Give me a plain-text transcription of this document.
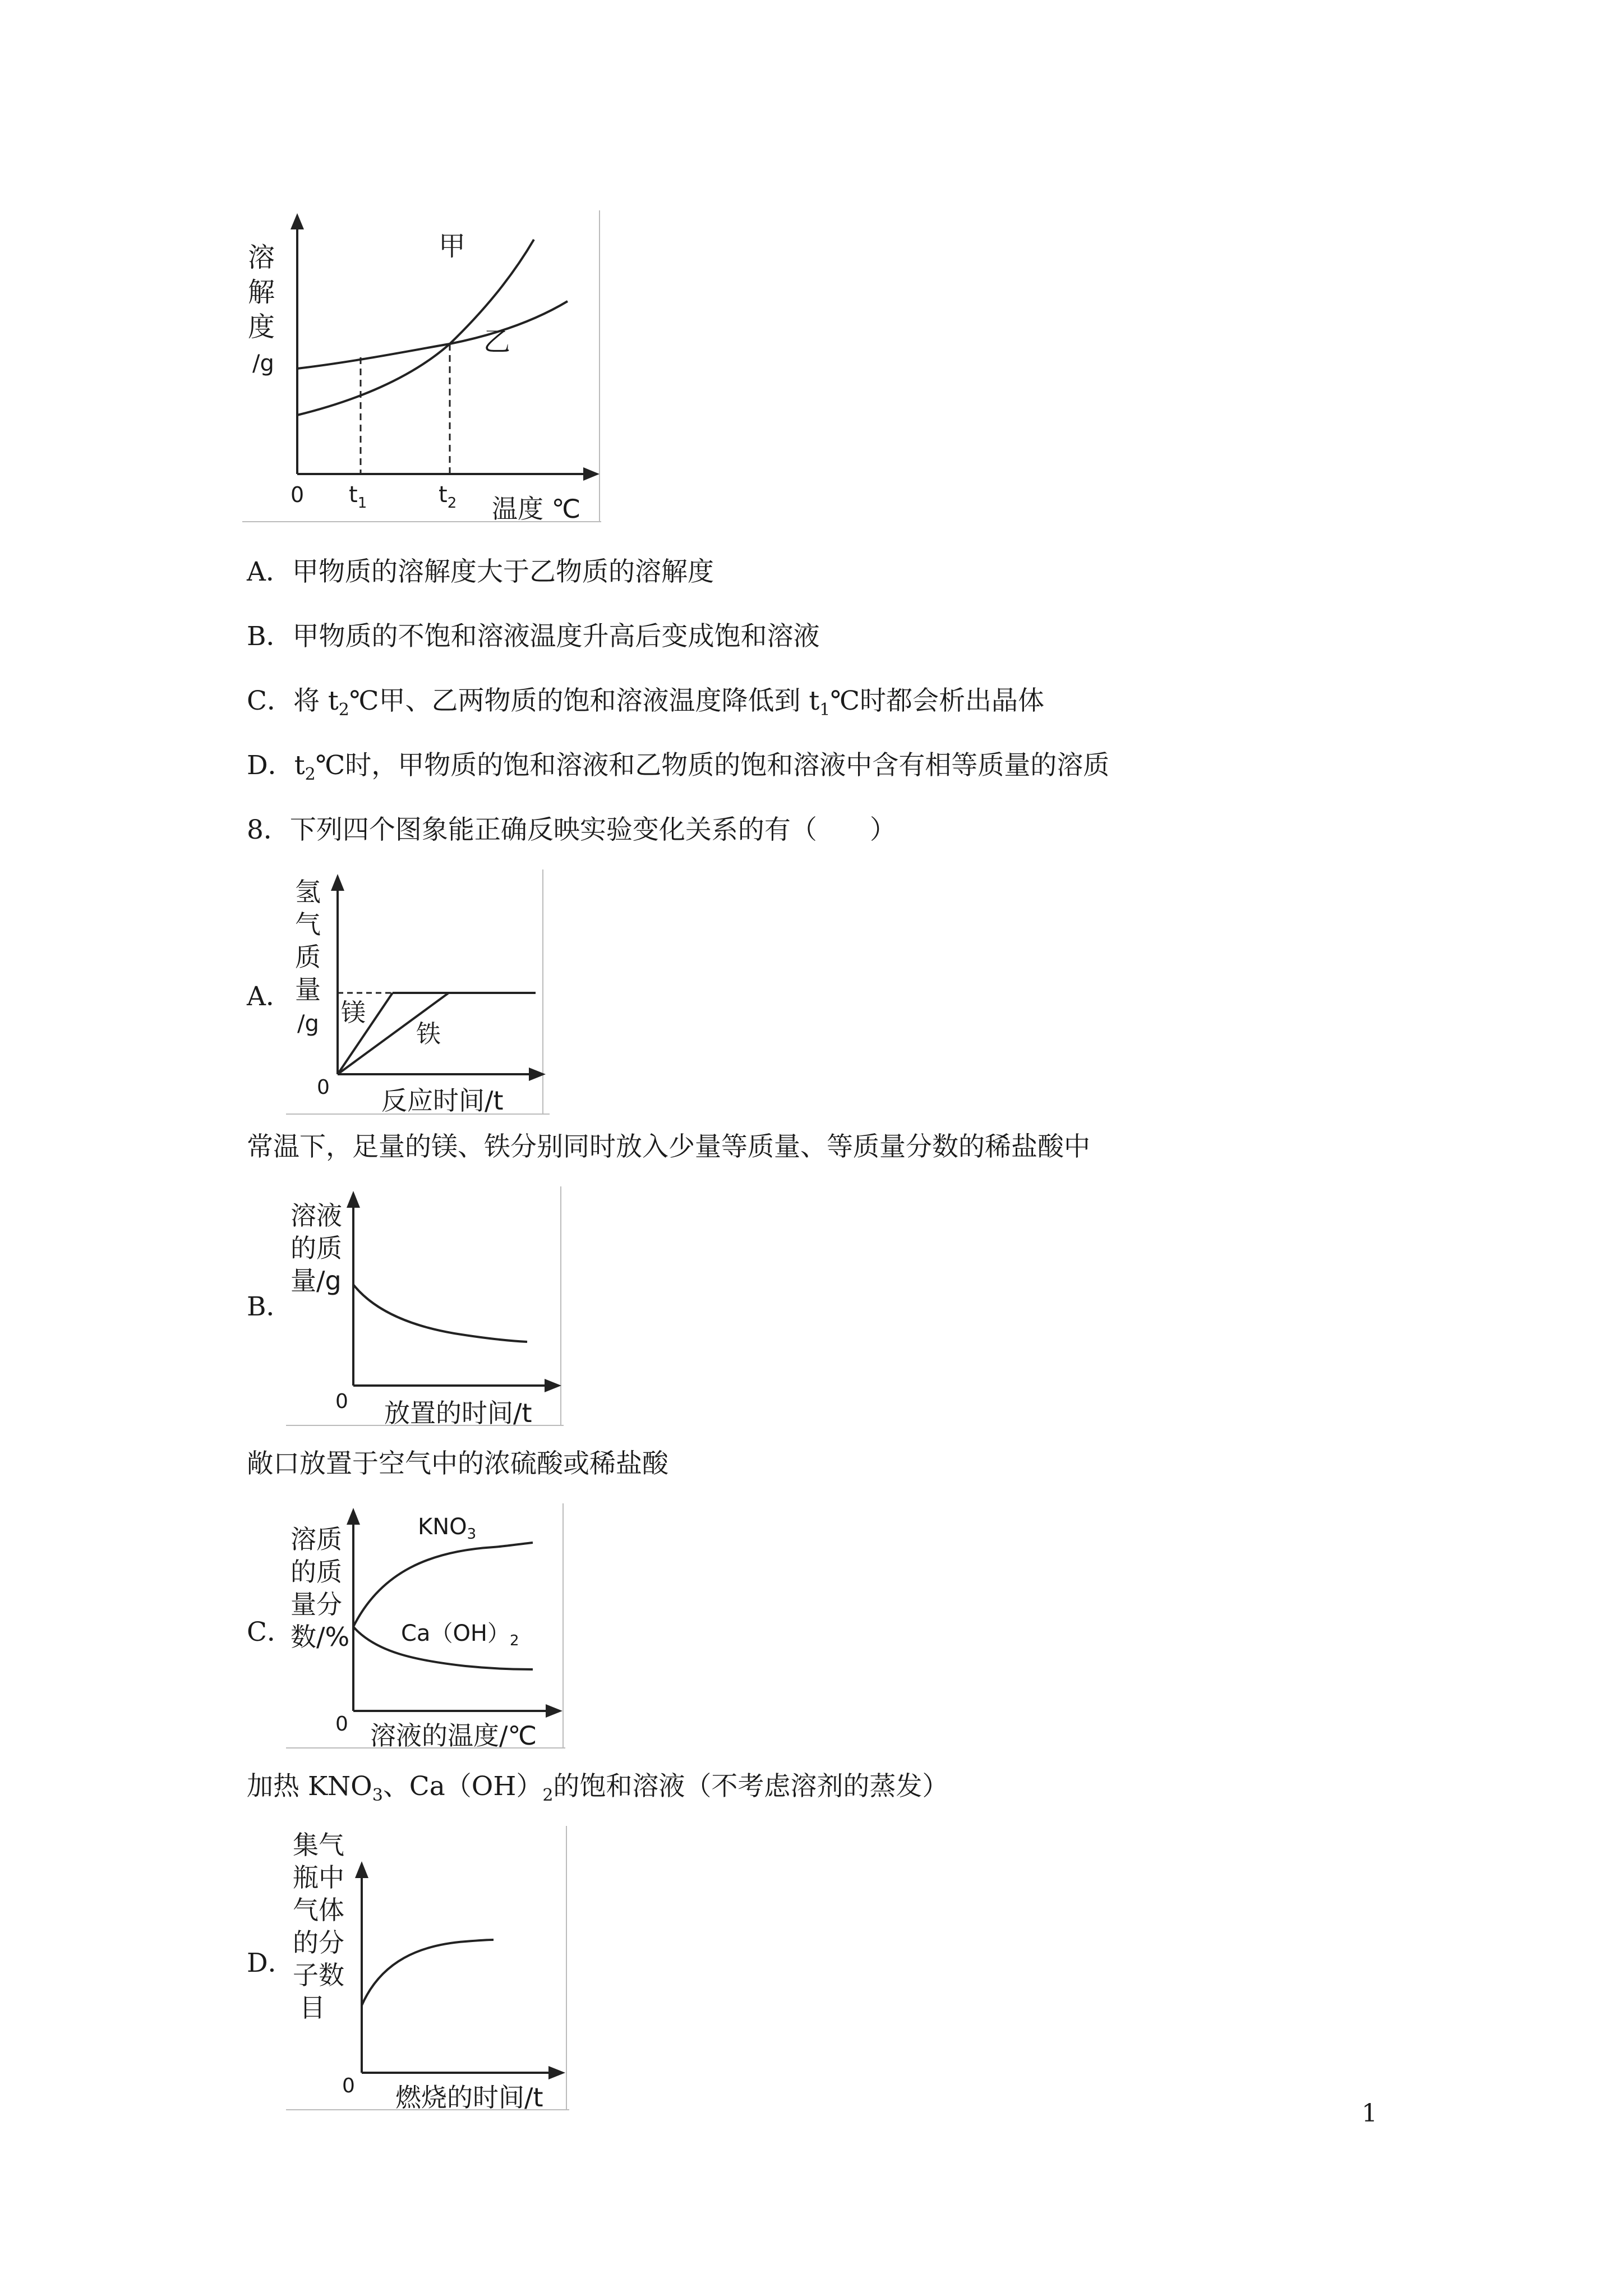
甲
乙
溶
解
度
/g
0 $t_1$	$t_2$ 温度 ℃
A．甲物质的溶解度大于乙物质的溶解度
B．甲物质的不饱和溶液温度升高后变成饱和溶液
C．将 $t_2℃$甲、乙两物质的饱和溶液温度降低到 $t_1℃$时都会析出晶体
D．$t_2℃$时，甲物质的饱和溶液和乙物质的饱和溶液中含有相等质量的溶质
8．下列四个图象能正确反映实验变化关系的有（　　）
A．
镁
铁
氢
气
质
量
/g
0 反应时间/t
常温下，足量的镁、铁分别同时放入少量等质量、等质量分数的稀盐酸中
B．
溶液
的质
量/g
0 放置的时间/t
敞口放置于空气中的浓硫酸或稀盐酸
C．
$KNO_3$
$Ca(OH)_2$
溶质
的质
量分
数/%
0 溶液的温度/℃
加热 $KNO_3$、$Ca(OH)_2$的饱和溶液（不考虑溶剂的蒸发）
D．
集气
瓶中
气体
的分
子数
目
0 燃烧的时间/t
1
